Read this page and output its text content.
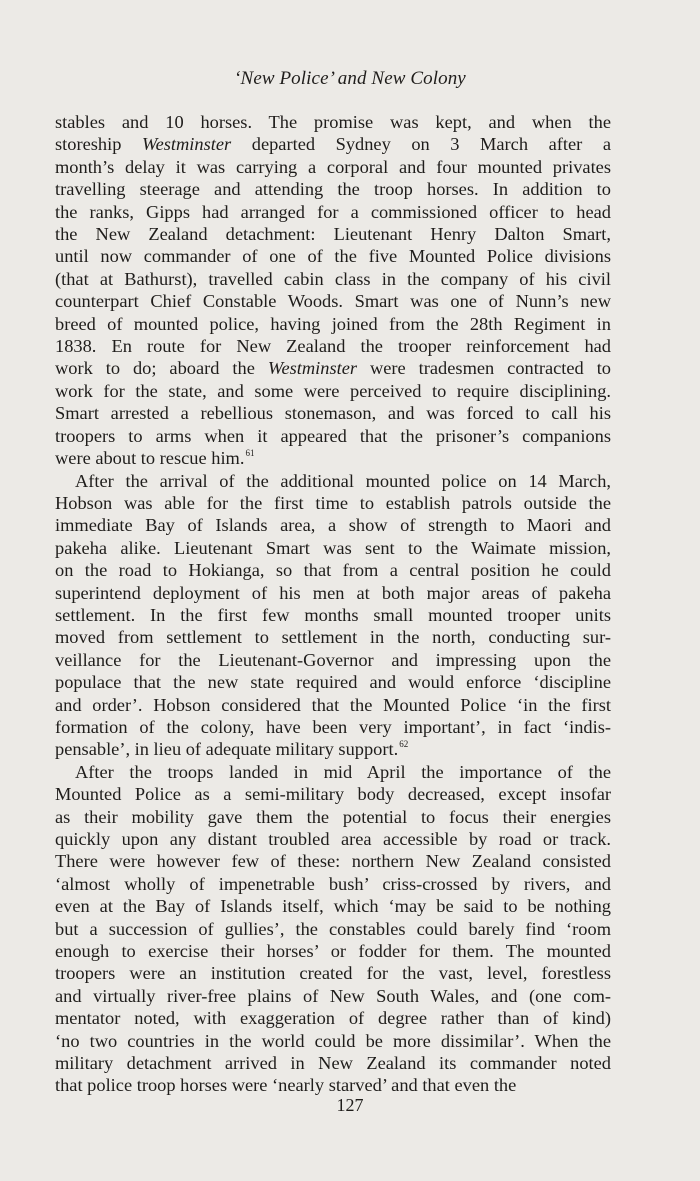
‘New Police’ and New Colony
stables and 10 horses. The promise was kept, and when the
storeship Westminster departed Sydney on 3 March after a
month’s delay it was carrying a corporal and four mounted privates
travelling steerage and attending the troop horses. In addition to
the ranks, Gipps had arranged for a commissioned officer to head
the New Zealand detachment: Lieutenant Henry Dalton Smart,
until now commander of one of the five Mounted Police divisions
(that at Bathurst), travelled cabin class in the company of his civil
counterpart Chief Constable Woods. Smart was one of Nunn’s new
breed of mounted police, having joined from the 28th Regiment in
1838. En route for New Zealand the trooper reinforcement had
work to do; aboard the Westminster were tradesmen contracted to
work for the state, and some were perceived to require disciplining.
Smart arrested a rebellious stonemason, and was forced to call his
troopers to arms when it appeared that the prisoner’s companions
were about to rescue him.$^{61}$
After the arrival of the additional mounted police on 14 March,
Hobson was able for the first time to establish patrols outside the
immediate Bay of Islands area, a show of strength to Maori and
pakeha alike. Lieutenant Smart was sent to the Waimate mission,
on the road to Hokianga, so that from a central position he could
superintend deployment of his men at both major areas of pakeha
settlement. In the first few months small mounted trooper units
moved from settlement to settlement in the north, conducting sur-
veillance for the Lieutenant-Governor and impressing upon the
populace that the new state required and would enforce ‘discipline
and order’. Hobson considered that the Mounted Police ‘in the first
formation of the colony, have been very important’, in fact ‘indis-
pensable’, in lieu of adequate military support.$^{62}$
After the troops landed in mid April the importance of the
Mounted Police as a semi-military body decreased, except insofar
as their mobility gave them the potential to focus their energies
quickly upon any distant troubled area accessible by road or track.
There were however few of these: northern New Zealand consisted
‘almost wholly of impenetrable bush’ criss-crossed by rivers, and
even at the Bay of Islands itself, which ‘may be said to be nothing
but a succession of gullies’, the constables could barely find ‘room
enough to exercise their horses’ or fodder for them. The mounted
troopers were an institution created for the vast, level, forestless
and virtually river-free plains of New South Wales, and (one com-
mentator noted, with exaggeration of degree rather than of kind)
‘no two countries in the world could be more dissimilar’. When the
military detachment arrived in New Zealand its commander noted
that police troop horses were ‘nearly starved’ and that even the
127
